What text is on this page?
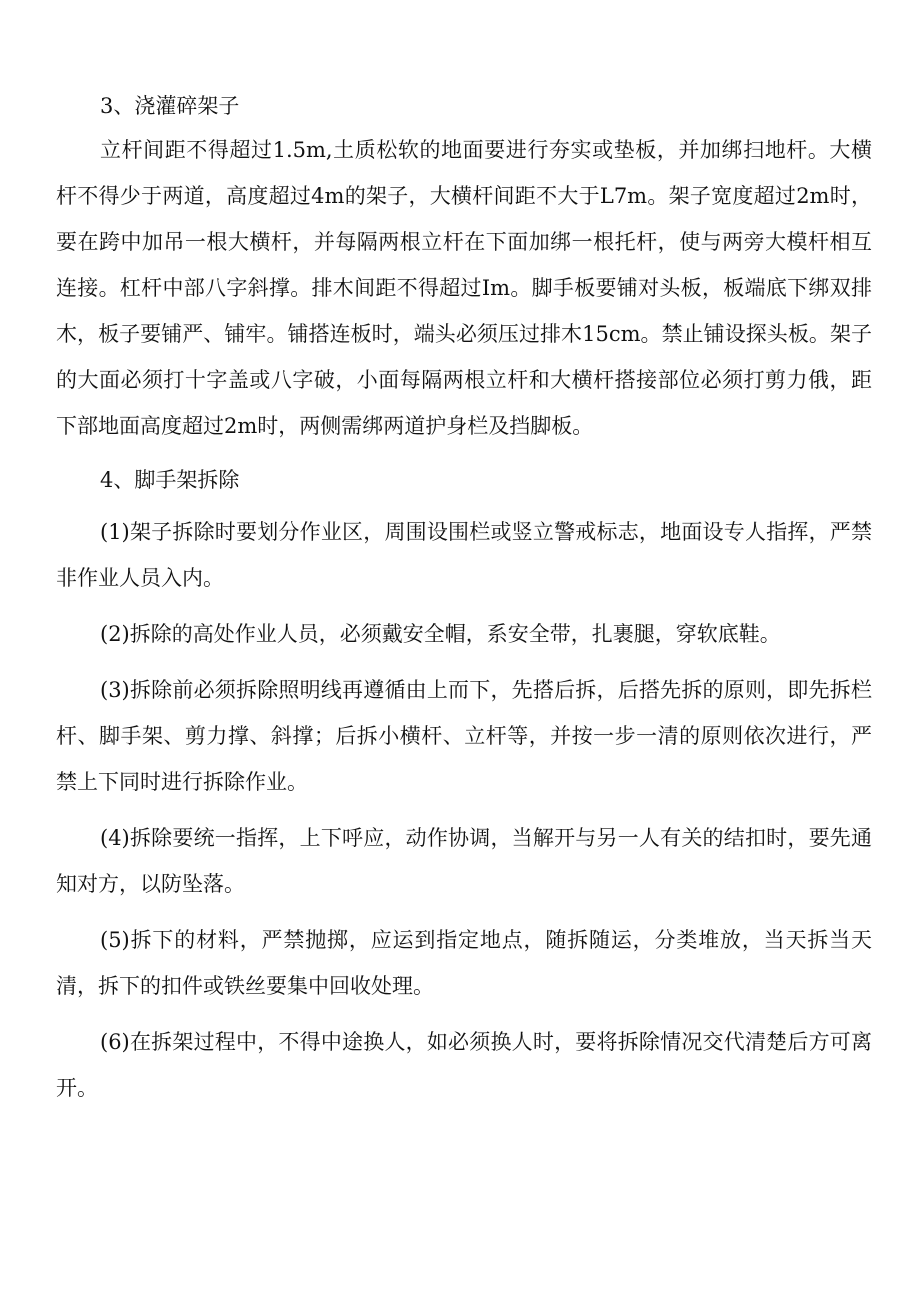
3、浇灌碎架子

立杆间距不得超过1.5m,土质松软的地面要进行夯实或垫板，并加绑扫地杆。大横杆不得少于两道，高度超过4m的架子，大横杆间距不大于L7m。架子宽度超过2m时，要在跨中加吊一根大横杆，并每隔两根立杆在下面加绑一根托杆，使与两旁大模杆相互连接。杠杆中部八字斜撑。排木间距不得超过Im。脚手板要铺对头板，板端底下绑双排木，板子要铺严、铺牢。铺搭连板时，端头必须压过排木15cm。禁止铺设探头板。架子的大面必须打十字盖或八字破，小面每隔两根立杆和大横杆搭接部位必须打剪力俄，距下部地面高度超过2m时，两侧需绑两道护身栏及挡脚板。

4、脚手架拆除

(1)架子拆除时要划分作业区，周围设围栏或竖立警戒标志，地面设专人指挥，严禁非作业人员入内。

(2)拆除的高处作业人员，必须戴安全帽，系安全带，扎裹腿，穿软底鞋。

(3)拆除前必须拆除照明线再遵循由上而下，先搭后拆，后搭先拆的原则，即先拆栏杆、脚手架、剪力撑、斜撑；后拆小横杆、立杆等，并按一步一清的原则依次进行，严禁上下同时进行拆除作业。

(4)拆除要统一指挥，上下呼应，动作协调，当解开与另一人有关的结扣时，要先通知对方，以防坠落。

(5)拆下的材料，严禁抛掷，应运到指定地点，随拆随运，分类堆放，当天拆当天清，拆下的扣件或铁丝要集中回收处理。

(6)在拆架过程中，不得中途换人，如必须换人时，要将拆除情况交代清楚后方可离开。
